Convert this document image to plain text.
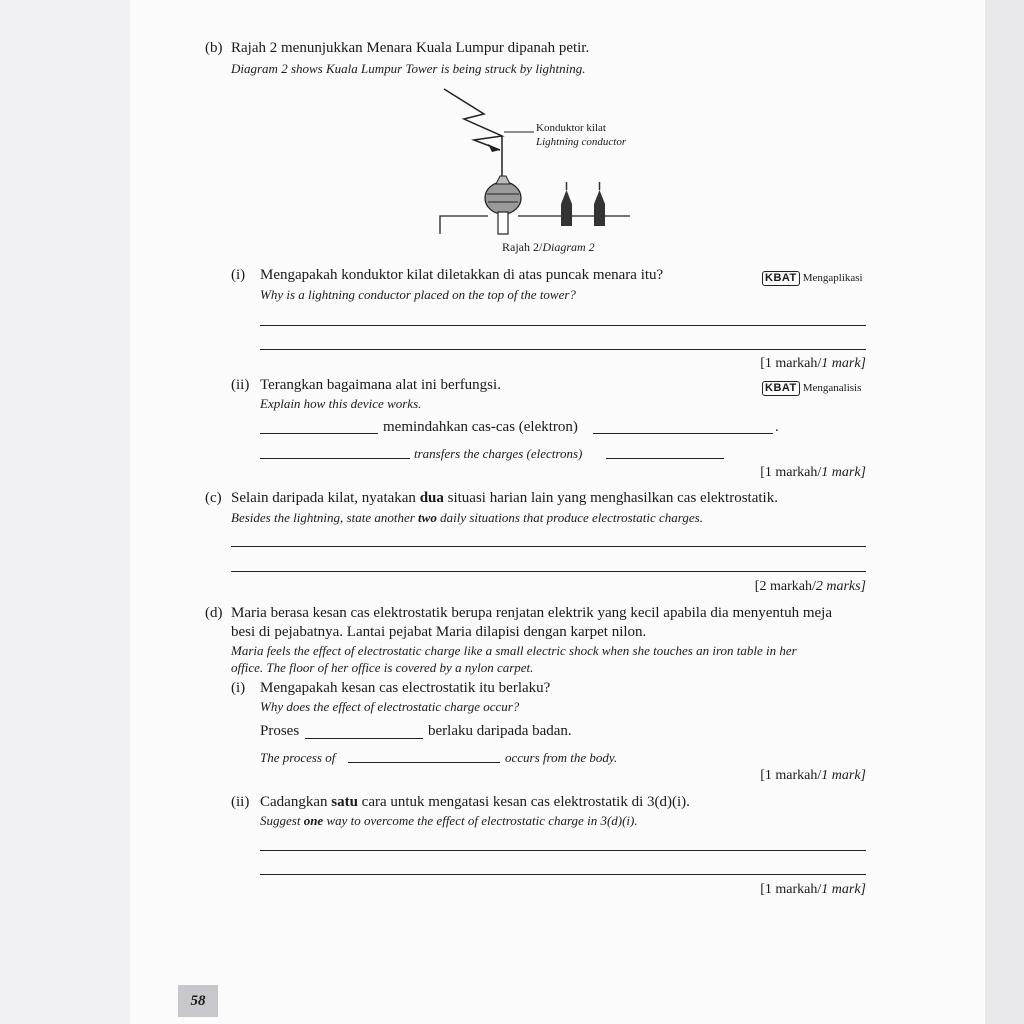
(b) Rajah 2 menunjukkan Menara Kuala Lumpur dipanah petir.
Diagram 2 shows Kuala Lumpur Tower is being struck by lightning.
Konduktor kilat
Lightning conductor
Rajah 2/Diagram 2
(i) Mengapakah konduktor kilat diletakkan di atas puncak menara itu?
Why is a lightning conductor placed on the top of the tower?
KBAT Mengaplikasi
[1 markah/1 mark]
(ii) Terangkan bagaimana alat ini berfungsi.
Explain how this device works.
KBAT Menganalisis
memindahkan cas-cas (elektron)	.
transfers the charges (electrons)
[1 markah/1 mark]
(c) Selain daripada kilat, nyatakan dua situasi harian lain yang menghasilkan cas elektrostatik.
Besides the lightning, state another two daily situations that produce electrostatic charges.
[2 markah/2 marks]
(d) Maria berasa kesan cas elektrostatik berupa renjatan elektrik yang kecil apabila dia menyentuh meja
besi di pejabatnya. Lantai pejabat Maria dilapisi dengan karpet nilon.
Maria feels the effect of electrostatic charge like a small electric shock when she touches an iron table in her
office. The floor of her office is covered by a nylon carpet.
(i) Mengapakah kesan cas electrostatik itu berlaku?
Why does the effect of electrostatic charge occur?
Proses	berlaku daripada badan.
The process of	occurs from the body.
[1 markah/1 mark]
(ii) Cadangkan satu cara untuk mengatasi kesan cas elektrostatik di 3(d)(i).
Suggest one way to overcome the effect of electrostatic charge in 3(d)(i).
[1 markah/1 mark]
58
